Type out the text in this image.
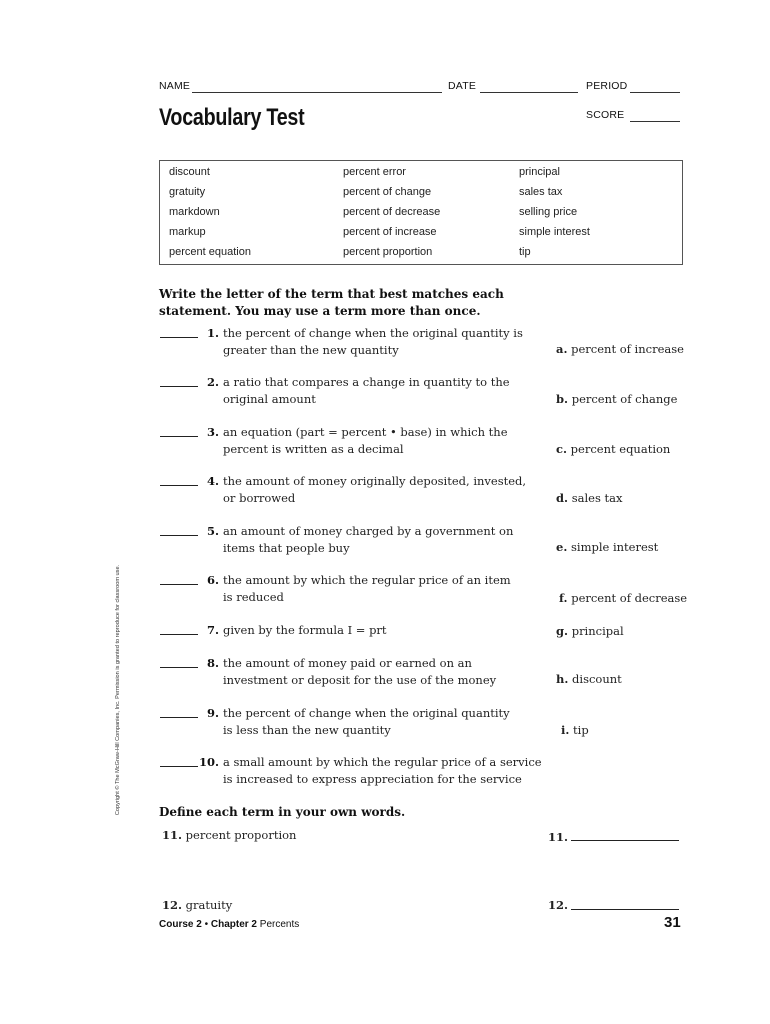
NAME	DATE	PERIOD
Vocabulary Test	SCORE
discount	percent error	principal
gratuity	percent of change	sales tax
markdown	percent of decrease	selling price
markup	percent of increase	simple interest
percent equation	percent proportion	tip
Write the letter of the term that best matches each
statement. You may use a term more than once.
1. the percent of change when the original quantity is
greater than the new quantity
2. a ratio that compares a change in quantity to the
original amount
3. an equation (part = percent • base) in which the
percent is written as a decimal
4. the amount of money originally deposited, invested,
or borrowed
5. an amount of money charged by a government on
items that people buy
6. the amount by which the regular price of an item
is reduced
7. given by the formula I = prt
8. the amount of money paid or earned on an
investment or deposit for the use of the money
9. the percent of change when the original quantity
is less than the new quantity
10. a small amount by which the regular price of a service
is increased to express appreciation for the service
a. percent of increase
b. percent of change
c. percent equation
d. sales tax
e. simple interest
f. percent of decrease
g. principal
h. discount
i. tip
Define each term in your own words.
11. percent proportion	11.
12. gratuity	12.
Course 2 • Chapter 2 Percents	31
Copyright © The McGraw-Hill Companies, Inc. Permission is granted to reproduce for classroom use.
